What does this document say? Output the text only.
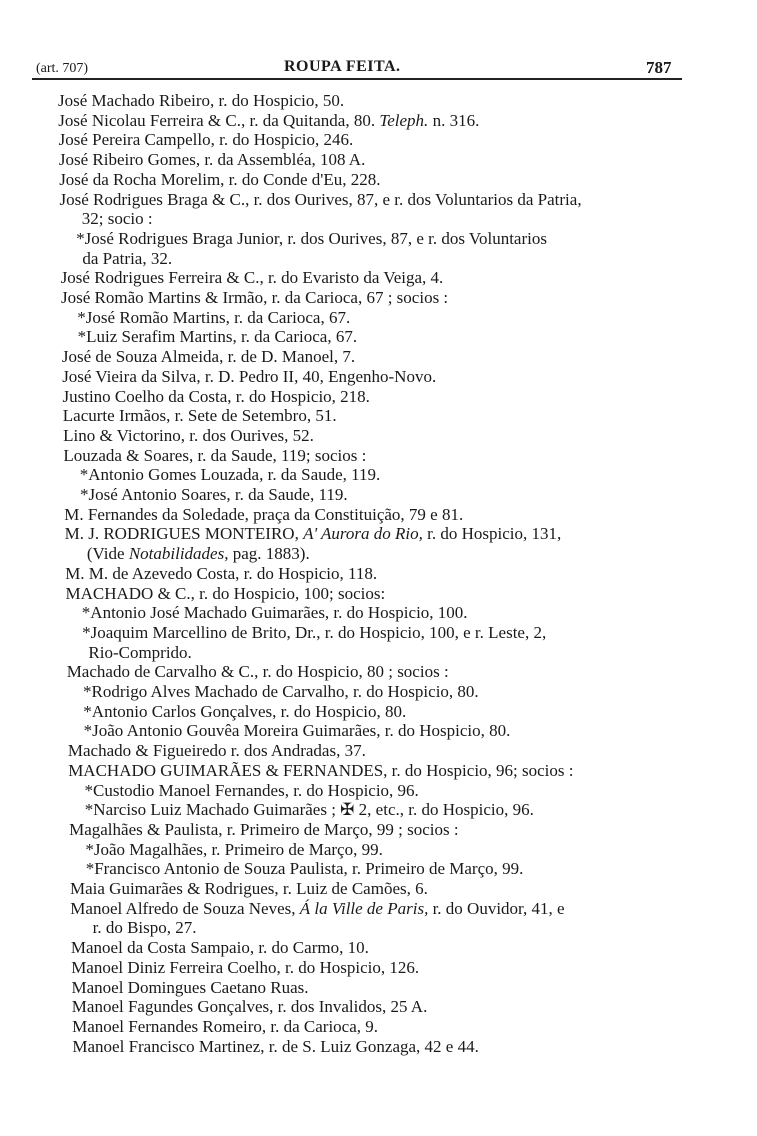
(art. 707)	ROUPA FEITA.	787
José Machado Ribeiro, r. do Hospicio, 50.
José Nicolau Ferreira & C., r. da Quitanda, 80. Teleph. n. 316.
José Pereira Campello, r. do Hospicio, 246.
José Ribeiro Gomes, r. da Assembléa, 108 A.
José da Rocha Morelim, r. do Conde d'Eu, 228.
José Rodrigues Braga & C., r. dos Ourives, 87, e r. dos Voluntarios da Patria,
32; socio :
*José Rodrigues Braga Junior, r. dos Ourives, 87, e r. dos Voluntarios
da Patria, 32.
José Rodrigues Ferreira & C., r. do Evaristo da Veiga, 4.
José Romão Martins & Irmão, r. da Carioca, 67 ; socios :
*José Romão Martins, r. da Carioca, 67.
*Luiz Serafim Martins, r. da Carioca, 67.
José de Souza Almeida, r. de D. Manoel, 7.
José Vieira da Silva, r. D. Pedro II, 40, Engenho-Novo.
Justino Coelho da Costa, r. do Hospicio, 218.
Lacurte Irmãos, r. Sete de Setembro, 51.
Lino & Victorino, r. dos Ourives, 52.
Louzada & Soares, r. da Saude, 119; socios :
*Antonio Gomes Louzada, r. da Saude, 119.
*José Antonio Soares, r. da Saude, 119.
M. Fernandes da Soledade, praça da Constituição, 79 e 81.
M. J. RODRIGUES MONTEIRO, A' Aurora do Rio, r. do Hospicio, 131,
(Vide Notabilidades, pag. 1883).
M. M. de Azevedo Costa, r. do Hospicio, 118.
MACHADO & C., r. do Hospicio, 100; socios:
*Antonio José Machado Guimarães, r. do Hospicio, 100.
*Joaquim Marcellino de Brito, Dr., r. do Hospicio, 100, e r. Leste, 2,
Rio-Comprido.
Machado de Carvalho & C., r. do Hospicio, 80 ; socios :
*Rodrigo Alves Machado de Carvalho, r. do Hospicio, 80.
*Antonio Carlos Gonçalves, r. do Hospicio, 80.
*João Antonio Gouvêa Moreira Guimarães, r. do Hospicio, 80.
Machado & Figueiredo r. dos Andradas, 37.
MACHADO GUIMARÃES & FERNANDES, r. do Hospicio, 96; socios :
*Custodio Manoel Fernandes, r. do Hospicio, 96.
*Narciso Luiz Machado Guimarães ; ✠ 2, etc., r. do Hospicio, 96.
Magalhães & Paulista, r. Primeiro de Março, 99 ; socios :
*João Magalhães, r. Primeiro de Março, 99.
*Francisco Antonio de Souza Paulista, r. Primeiro de Março, 99.
Maia Guimarães & Rodrigues, r. Luiz de Camões, 6.
Manoel Alfredo de Souza Neves, Á la Ville de Paris, r. do Ouvidor, 41, e
r. do Bispo, 27.
Manoel da Costa Sampaio, r. do Carmo, 10.
Manoel Diniz Ferreira Coelho, r. do Hospicio, 126.
Manoel Domingues Caetano Ruas.
Manoel Fagundes Gonçalves, r. dos Invalidos, 25 A.
Manoel Fernandes Romeiro, r. da Carioca, 9.
Manoel Francisco Martinez, r. de S. Luiz Gonzaga, 42 e 44.
